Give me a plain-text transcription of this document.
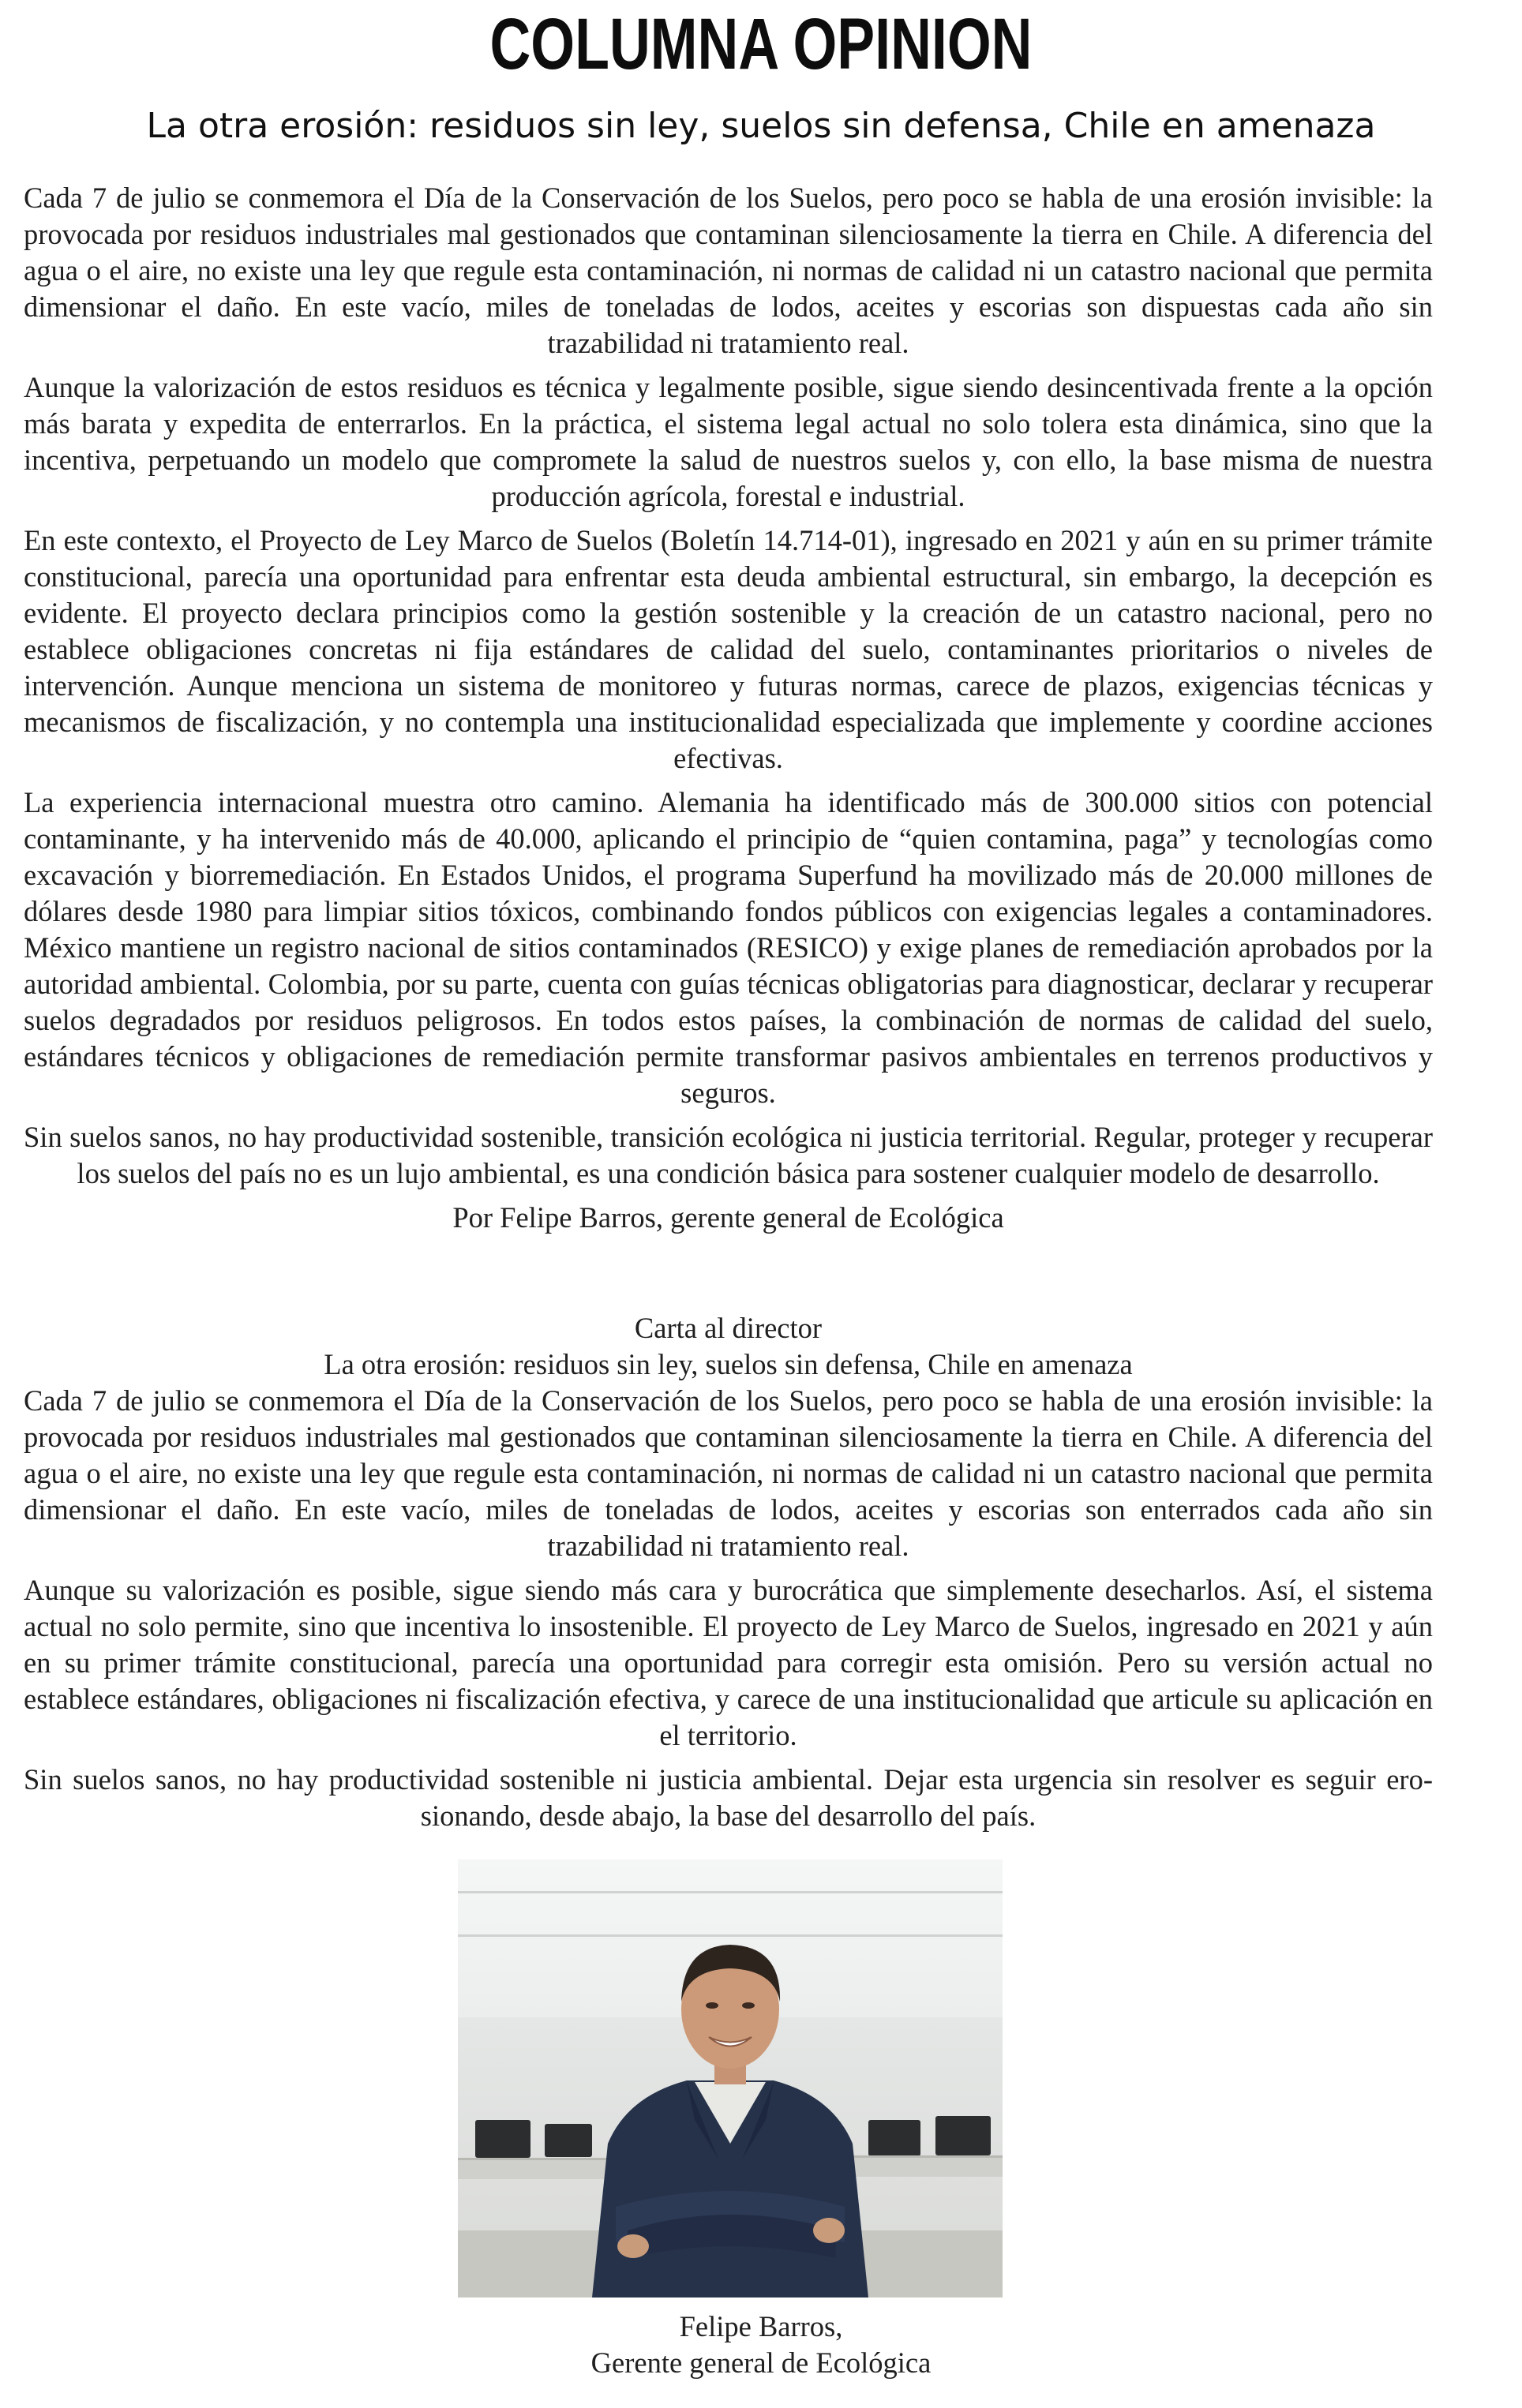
COLUMNA OPINION
La otra erosión: residuos sin ley, suelos sin defensa, Chile en amenaza

Cada 7 de julio se conmemora el Día de la Conservación de los Suelos, pero poco se habla de una erosión invisible: la provocada por residuos industriales mal gestionados que contaminan silenciosamente la tierra en Chile. A diferencia del agua o el aire, no existe una ley que regule esta contaminación, ni normas de calidad ni un catastro nacional que permita dimensionar el daño. En este vacío, miles de toneladas de lodos, aceites y escorias son dispuestas cada año sin trazabilidad ni tratamiento real.

Aunque la valorización de estos residuos es técnica y legalmente posible, sigue siendo desincentivada frente a la opción más barata y expedita de enterrarlos. En la práctica, el sistema legal actual no solo tolera esta dinámica, sino que la incentiva, perpetuando un modelo que compromete la salud de nuestros suelos y, con ello, la base misma de nuestra producción agrícola, forestal e industrial.

En este contexto, el Proyecto de Ley Marco de Suelos (Boletín 14.714-01), ingresado en 2021 y aún en su primer trámite constitucional, parecía una oportunidad para enfrentar esta deuda ambiental estructural, sin embargo, la decepción es evidente. El proyecto declara principios como la gestión sostenible y la creación de un catastro nacional, pero no establece obligaciones concretas ni fija estándares de calidad del suelo, contaminantes prioritarios o niveles de intervención. Aunque menciona un sistema de monitoreo y futuras normas, carece de plazos, exigencias técnicas y mecanismos de fiscalización, y no contempla una institucionalidad especializada que implemente y coordine acciones efectivas.

La experiencia internacional muestra otro camino. Alemania ha identificado más de 300.000 sitios con potencial contaminante, y ha intervenido más de 40.000, aplicando el principio de “quien contamina, paga” y tecnologías como excavación y biorremediación. En Estados Unidos, el programa Superfund ha movilizado más de 20.000 millones de dólares desde 1980 para limpiar sitios tóxicos, combinando fondos públicos con exigencias legales a contaminadores. México mantiene un registro nacional de sitios contaminados (RESICO) y exige planes de remediación aprobados por la autoridad ambiental. Colombia, por su parte, cuenta con guías técnicas obligatorias para diagnosticar, declarar y recuperar suelos degradados por residuos peligrosos. En todos estos países, la combinación de normas de calidad del suelo, estándares técnicos y obligaciones de remediación permite transformar pasivos ambientales en terrenos productivos y seguros.

Sin suelos sanos, no hay productividad sostenible, transición ecológica ni justicia territorial. Regular, proteger y recuperar los suelos del país no es un lujo ambiental, es una condición básica para sostener cualquier modelo de desarrollo.

Por Felipe Barros, gerente general de Ecológica

Carta al director
La otra erosión: residuos sin ley, suelos sin defensa, Chile en amenaza

Cada 7 de julio se conmemora el Día de la Conservación de los Suelos, pero poco se habla de una erosión invisible: la provocada por residuos industriales mal gestionados que contaminan silenciosamente la tierra en Chile. A diferencia del agua o el aire, no existe una ley que regule esta contaminación, ni normas de calidad ni un catastro nacional que permita dimensionar el daño. En este vacío, miles de toneladas de lodos, aceites y escorias son enterrados cada año sin trazabilidad ni tratamiento real.

Aunque su valorización es posible, sigue siendo más cara y burocrática que simplemente desecharlos. Así, el sistema actual no solo permite, sino que incentiva lo insostenible. El proyecto de Ley Marco de Suelos, ingresado en 2021 y aún en su primer trámite constitucional, parecía una oportunidad para corregir esta omisión. Pero su versión actual no establece estándares, obligaciones ni fiscalización efectiva, y carece de una institucionalidad que articule su aplicación en el territorio.

Sin suelos sanos, no hay productividad sostenible ni justicia ambiental. Dejar esta urgencia sin resolver es seguir erosionando, desde abajo, la base del desarrollo del país.

Felipe Barros,
Gerente general de Ecológica
